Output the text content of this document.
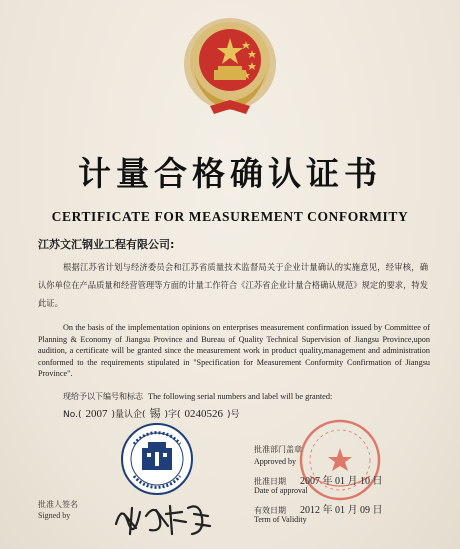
计量合格确认证书
CERTIFICATE FOR MEASUREMENT CONFORMITY
江苏文汇钢业工程有限公司:
根据江苏省计划与经济委员会和江苏省质量技术监督局关于企业计量确认的实施意见，经审核，确认你单位在产品质量和经营管理等方面的计量工作符合《江苏省企业计量合格确认规范》规定的要求，特发此证。
On the basis of the implementation opinions on enterprises measurement confirmation issued by Committee of Planning & Economy of Jiangsu Province and Bureau of Quality Technical Supervision of Jiangsu Province,upon audition, a certificate will be granted since the measurement work in product quality,management and administration conformed to the requirements stipulated in "Specification for Measurement Conformity Confirmation of Jiangsu Province".
现给予以下编号和标志 The following serial numbers and label will be granted:
No.( 2007 )量认企( 锡 )字( 0240526 )号
批准人签名
Signed by
批准部门盖章
Approved by
批准日期 2007 年 01 月 10 日
Date of approval
有效日期 2012 年 01 月 09 日
Term of Validity
